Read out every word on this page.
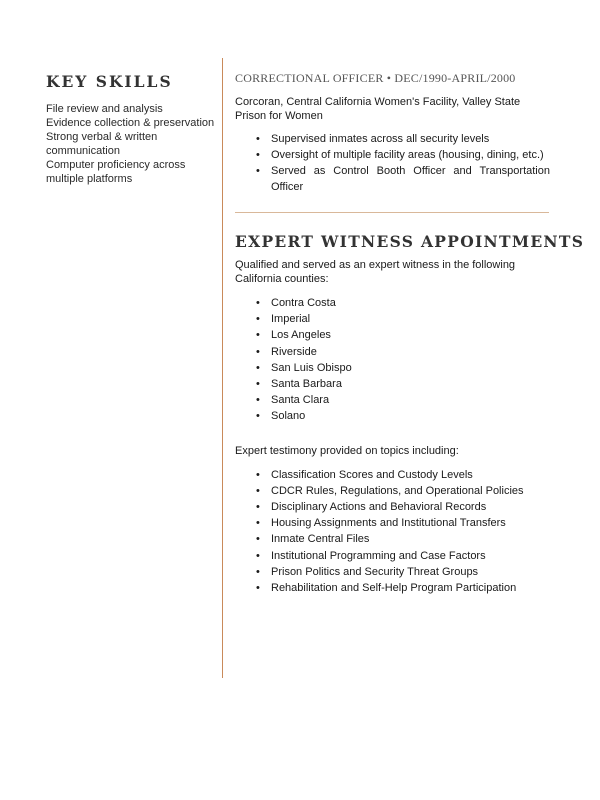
KEY SKILLS
File review and analysis
Evidence collection & preservation
Strong verbal & written communication
Computer proficiency across multiple platforms
CORRECTIONAL OFFICER • DEC/1990-APRIL/2000

Corcoran, Central California Women's Facility, Valley State Prison for Women

• Supervised inmates across all security levels
• Oversight of multiple facility areas (housing, dining, etc.)
• Served as Control Booth Officer and Transportation Officer
EXPERT WITNESS APPOINTMENTS

Qualified and served as an expert witness in the following California counties:

• Contra Costa
• Imperial
• Los Angeles
• Riverside
• San Luis Obispo
• Santa Barbara
• Santa Clara
• Solano

Expert testimony provided on topics including:

• Classification Scores and Custody Levels
• CDCR Rules, Regulations, and Operational Policies
• Disciplinary Actions and Behavioral Records
• Housing Assignments and Institutional Transfers
• Inmate Central Files
• Institutional Programming and Case Factors
• Prison Politics and Security Threat Groups
• Rehabilitation and Self-Help Program Participation
